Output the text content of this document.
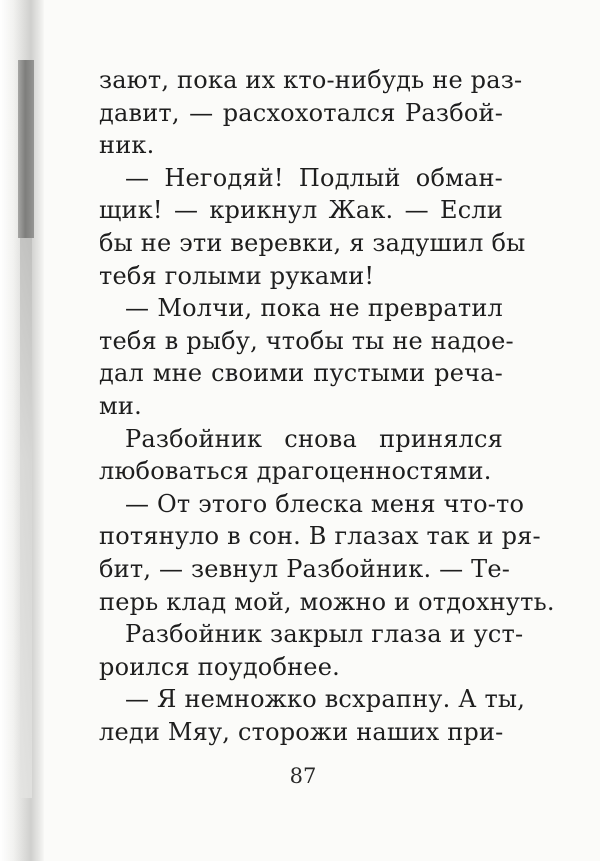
зают, пока их кто-нибудь не раз-
давит, — расхохотался Разбой-
ник.
— Негодяй! Подлый обман-
щик! — крикнул Жак. — Если
бы не эти веревки, я задушил бы
тебя голыми руками!
— Молчи, пока не превратил
тебя в рыбу, чтобы ты не надое-
дал мне своими пустыми реча-
ми.
Разбойник снова принялся
любоваться драгоценностями.
— От этого блеска меня что-то
потянуло в сон. В глазах так и ря-
бит, — зевнул Разбойник. — Те-
перь клад мой, можно и отдохнуть.
Разбойник закрыл глаза и уст-
роился поудобнее.
— Я немножко всхрапну. А ты,
леди Мяу, сторожи наших при-
87
